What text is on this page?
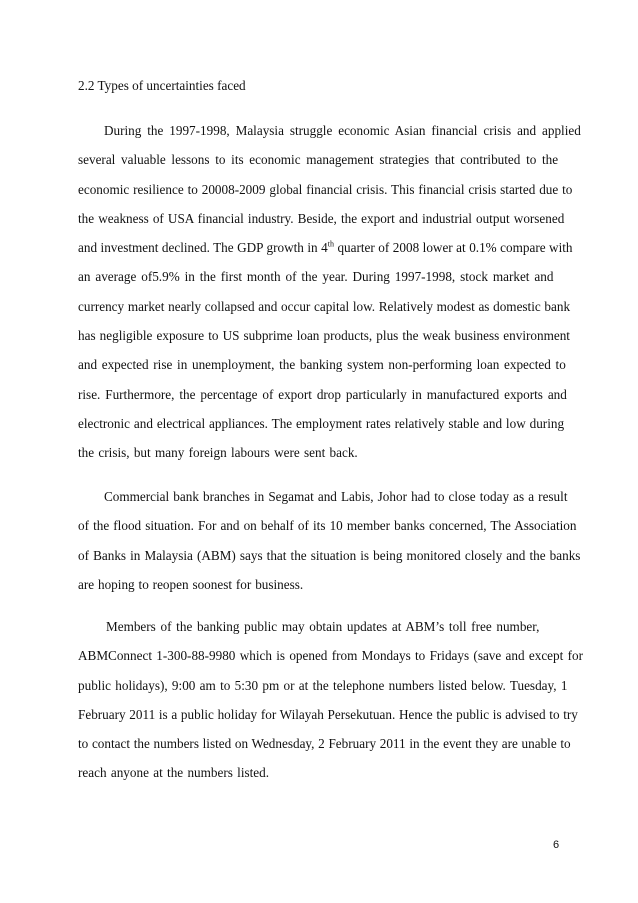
2.2 Types of uncertainties faced
During the 1997-1998, Malaysia struggle economic Asian financial crisis and applied
several valuable lessons to its economic management strategies that contributed to the
economic resilience to 20008-2009 global financial crisis. This financial crisis started due to
the weakness of USA financial industry. Beside, the export and industrial output worsened
and investment declined. The GDP growth in 4th quarter of 2008 lower at 0.1% compare with
an average of5.9% in the first month of the year. During 1997-1998, stock market and
currency market nearly collapsed and occur capital low. Relatively modest as domestic bank
has negligible exposure to US subprime loan products, plus the weak business environment
and expected rise in unemployment, the banking system non-performing loan expected to
rise. Furthermore, the percentage of export drop particularly in manufactured exports and
electronic and electrical appliances. The employment rates relatively stable and low during
the crisis, but many foreign labours were sent back.
Commercial bank branches in Segamat and Labis, Johor had to close today as a result
of the flood situation. For and on behalf of its 10 member banks concerned, The Association
of Banks in Malaysia (ABM) says that the situation is being monitored closely and the banks
are hoping to reopen soonest for business.
Members of the banking public may obtain updates at ABM’s toll free number,
ABMConnect 1-300-88-9980 which is opened from Mondays to Fridays (save and except for
public holidays), 9:00 am to 5:30 pm or at the telephone numbers listed below. Tuesday, 1
February 2011 is a public holiday for Wilayah Persekutuan. Hence the public is advised to try
to contact the numbers listed on Wednesday, 2 February 2011 in the event they are unable to
reach anyone at the numbers listed.
6
